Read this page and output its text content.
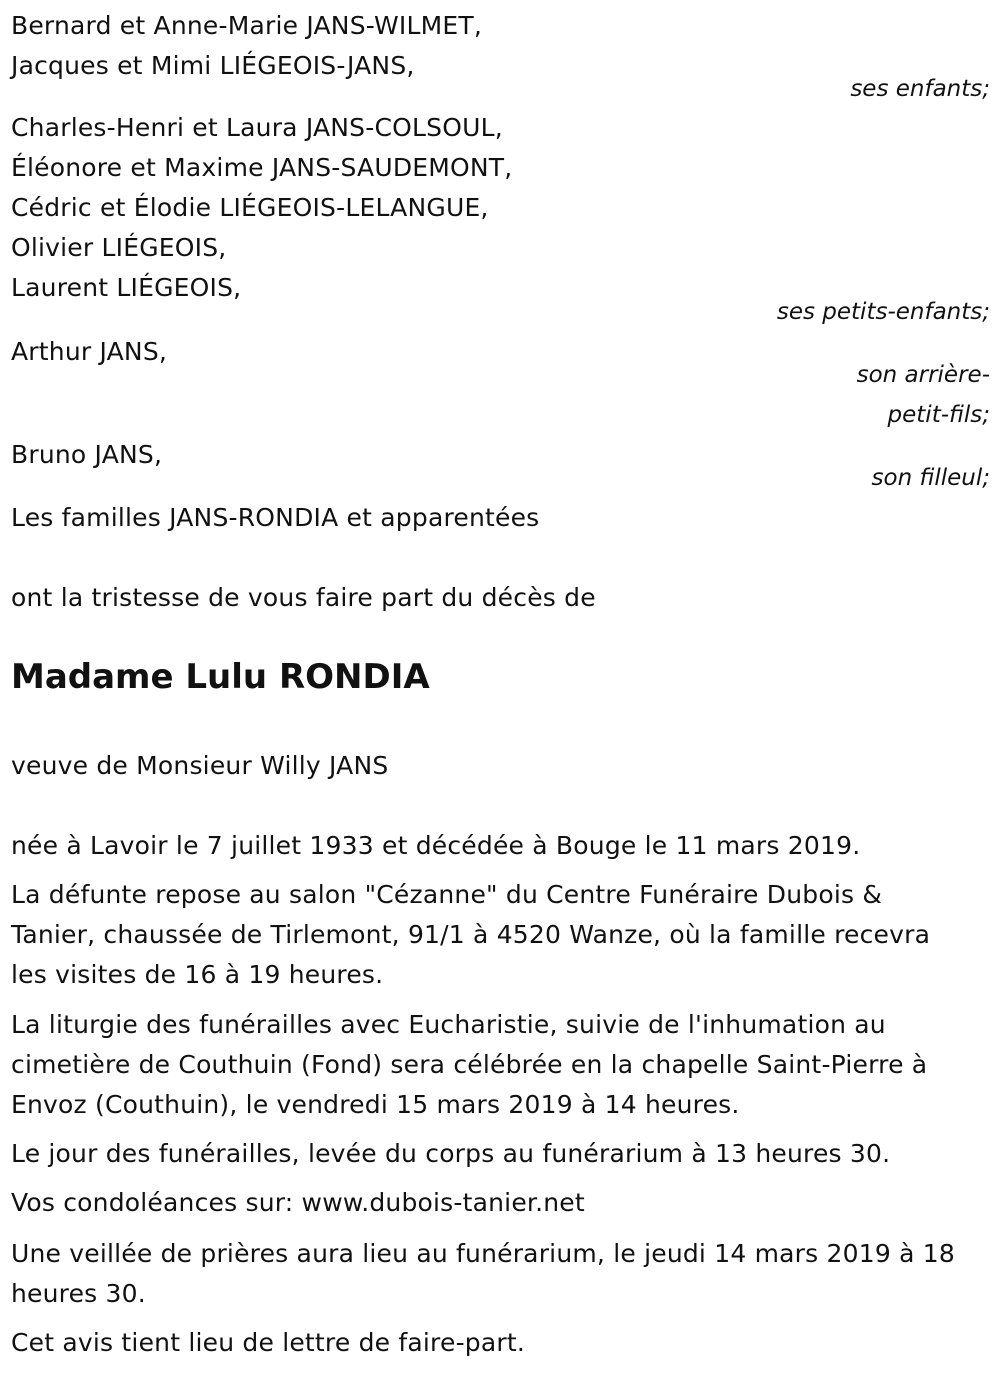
Bernard et Anne-Marie JANS-WILMET,
Jacques et Mimi LIÉGEOIS-JANS,
ses enfants;
Charles-Henri et Laura JANS-COLSOUL,
Éléonore et Maxime JANS-SAUDEMONT,
Cédric et Élodie LIÉGEOIS-LELANGUE,
Olivier LIÉGEOIS,
Laurent LIÉGEOIS,
ses petits-enfants;
Arthur JANS,
son arrière-
petit-fils;
Bruno JANS,
son filleul;
Les familles JANS-RONDIA et apparentées
ont la tristesse de vous faire part du décès de
Madame Lulu RONDIA
veuve de Monsieur Willy JANS
née à Lavoir le 7 juillet 1933 et décédée à Bouge le 11 mars 2019.
La défunte repose au salon "Cézanne" du Centre Funéraire Dubois &
Tanier, chaussée de Tirlemont, 91/1 à 4520 Wanze, où la famille recevra
les visites de 16 à 19 heures.
La liturgie des funérailles avec Eucharistie, suivie de l'inhumation au
cimetière de Couthuin (Fond) sera célébrée en la chapelle Saint-Pierre à
Envoz (Couthuin), le vendredi 15 mars 2019 à 14 heures.
Le jour des funérailles, levée du corps au funérarium à 13 heures 30.
Vos condoléances sur: www.dubois-tanier.net
Une veillée de prières aura lieu au funérarium, le jeudi 14 mars 2019 à 18
heures 30.
Cet avis tient lieu de lettre de faire-part.
